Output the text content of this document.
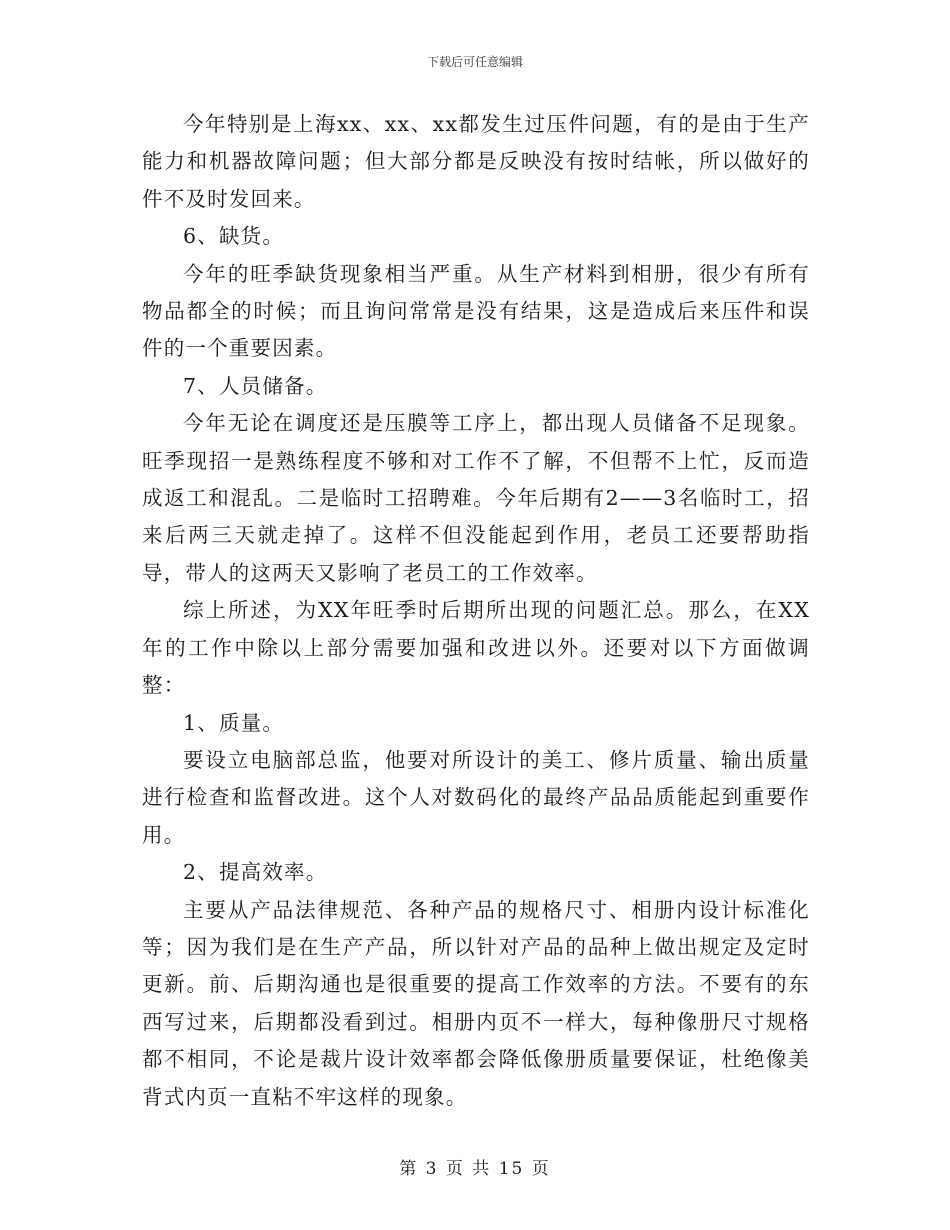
下载后可任意编辑

今年特别是上海xx、xx、xx都发生过压件问题，有的是由于生产能力和机器故障问题；但大部分都是反映没有按时结帐，所以做好的件不及时发回来。

6、缺货。

今年的旺季缺货现象相当严重。从生产材料到相册，很少有所有物品都全的时候；而且询问常常是没有结果，这是造成后来压件和误件的一个重要因素。

7、人员储备。

今年无论在调度还是压膜等工序上，都出现人员储备不足现象。旺季现招一是熟练程度不够和对工作不了解，不但帮不上忙，反而造成返工和混乱。二是临时工招聘难。今年后期有2——3名临时工，招来后两三天就走掉了。这样不但没能起到作用，老员工还要帮助指导，带人的这两天又影响了老员工的工作效率。

综上所述，为XX年旺季时后期所出现的问题汇总。那么，在XX年的工作中除以上部分需要加强和改进以外。还要对以下方面做调整：

1、质量。

要设立电脑部总监，他要对所设计的美工、修片质量、输出质量进行检查和监督改进。这个人对数码化的最终产品品质能起到重要作用。

2、提高效率。

主要从产品法律规范、各种产品的规格尺寸、相册内设计标准化等；因为我们是在生产产品，所以针对产品的品种上做出规定及定时更新。前、后期沟通也是很重要的提高工作效率的方法。不要有的东西写过来，后期都没看到过。相册内页不一样大，每种像册尺寸规格都不相同，不论是裁片设计效率都会降低像册质量要保证，杜绝像美背式内页一直粘不牢这样的现象。

第 3 页 共 15 页
